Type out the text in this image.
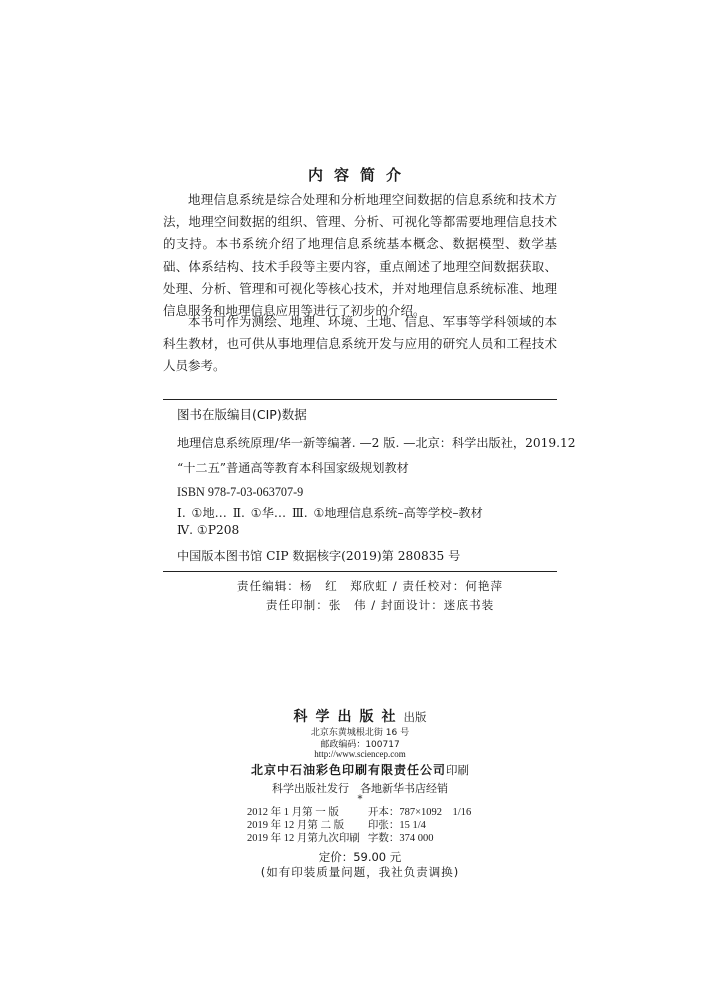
内容简介

地理信息系统是综合处理和分析地理空间数据的信息系统和技术方法，地理空间数据的组织、管理、分析、可视化等都需要地理信息技术的支持。本书系统介绍了地理信息系统基本概念、数据模型、数学基础、体系结构、技术手段等主要内容，重点阐述了地理空间数据获取、处理、分析、管理和可视化等核心技术，并对地理信息系统标准、地理信息服务和地理信息应用等进行了初步的介绍。

本书可作为测绘、地理、环境、土地、信息、军事等学科领域的本科生教材，也可供从事地理信息系统开发与应用的研究人员和工程技术人员参考。

图书在版编目(CIP)数据
地理信息系统原理/华一新等编著. —2 版. —北京：科学出版社，2019.12
“十二五”普通高等教育本科国家级规划教材
ISBN 978-7-03-063707-9
Ⅰ. ①地… Ⅱ. ①华… Ⅲ. ①地理信息系统–高等学校–教材
Ⅳ. ①P208
中国版本图书馆 CIP 数据核字(2019)第 280835 号
责任编辑：杨　红　郑欣虹 / 责任校对：何艳萍
责任印制：张　伟 / 封面设计：迷底书装
科学出版社出版
北京东黄城根北街 16 号
邮政编码：100717
http://www.sciencep.com
北京中石油彩色印刷有限责任公司印刷
科学出版社发行　各地新华书店经销
*
2012 年 1 月第 一 版	开本：787×1092　1/16
2019 年 12 月第 二 版	印张：15 1/4
2019 年 12 月第九次印刷	字数：374 000
定价：59.00 元
(如有印装质量问题，我社负责调换)
